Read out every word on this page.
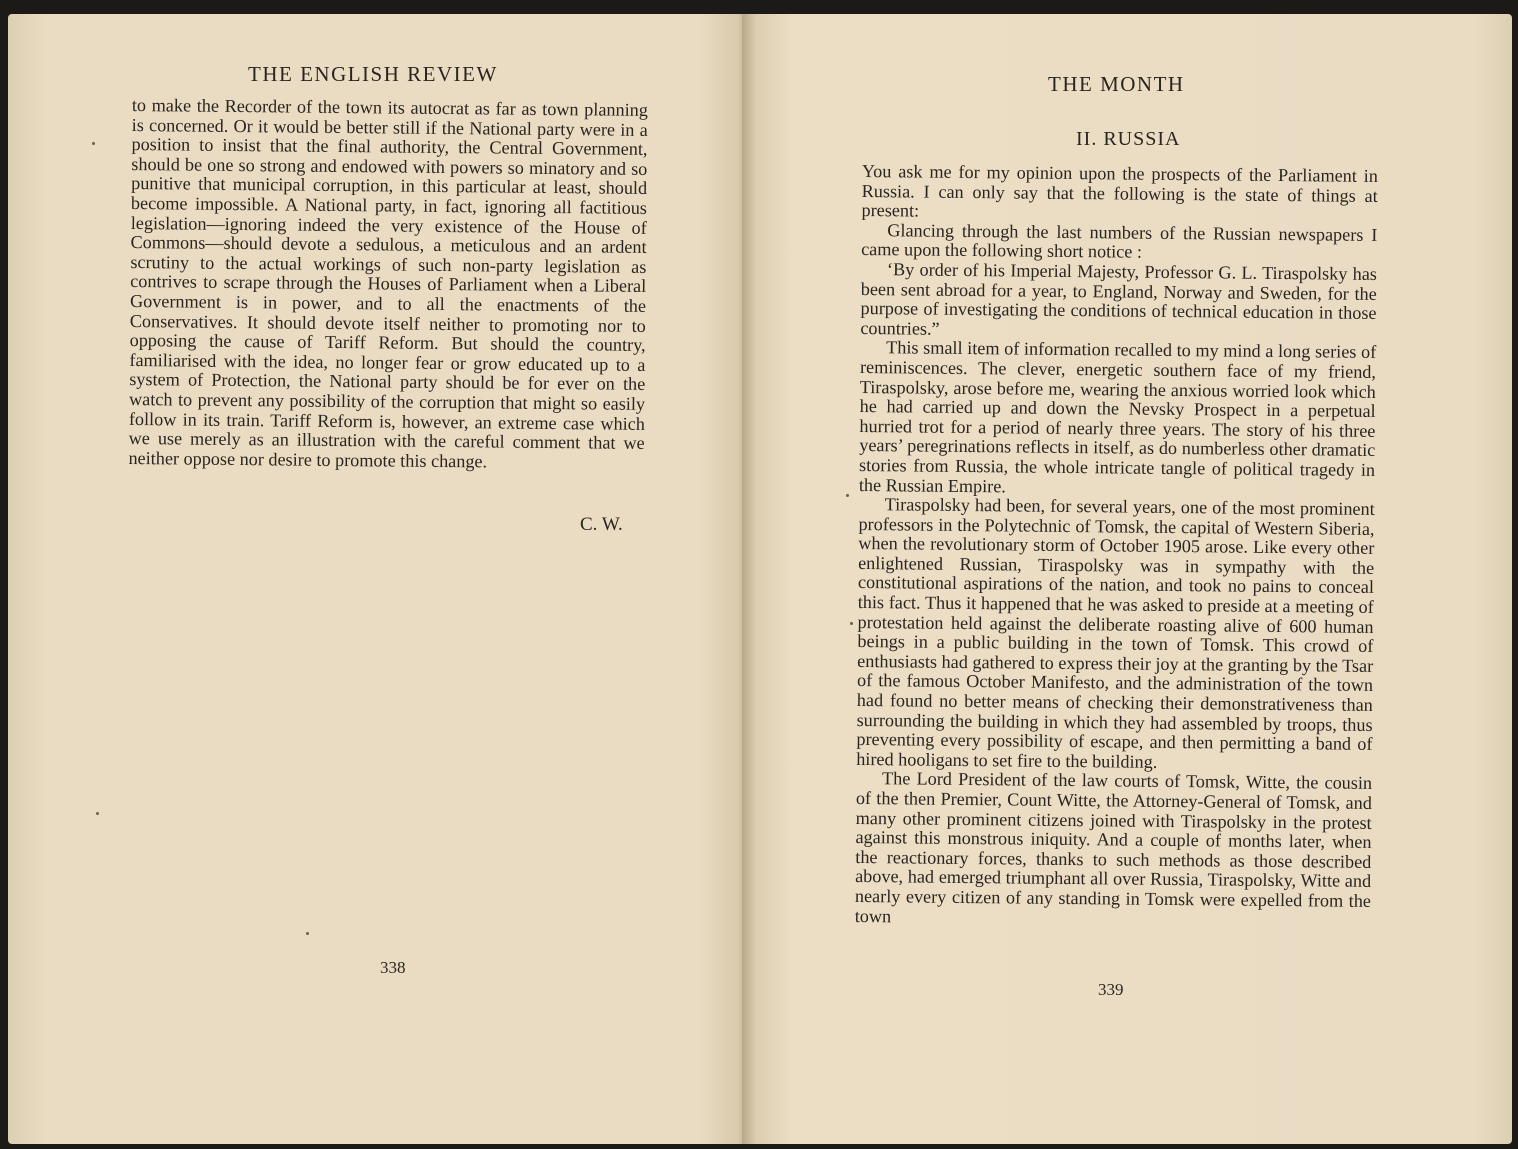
THE ENGLISH REVIEW

to make the Recorder of the town its autocrat as far as town planning is concerned. Or it would be better still if the National party were in a position to insist that the final authority, the Central Government, should be one so strong and endowed with powers so minatory and so punitive that municipal corruption, in this particular at least, should become impossible. A National party, in fact, ignoring all factitious legislation—ignoring indeed the very existence of the House of Commons—should devote a sedulous, a meticulous and an ardent scrutiny to the actual workings of such non-party legislation as contrives to scrape through the Houses of Parliament when a Liberal Government is in power, and to all the enactments of the Conservatives. It should devote itself neither to promoting nor to opposing the cause of Tariff Reform. But should the country, familiarised with the idea, no longer fear or grow educated up to a system of Protection, the National party should be for ever on the watch to prevent any possibility of the corruption that might so easily follow in its train. Tariff Reform is, however, an extreme case which we use merely as an illustration with the careful comment that we neither oppose nor desire to promote this change.

C. W.
338
THE MONTH
II. RUSSIA

You ask me for my opinion upon the prospects of the Parliament in Russia. I can only say that the following is the state of things at present:

Glancing through the last numbers of the Russian newspapers I came upon the following short notice :

‘By order of his Imperial Majesty, Professor G. L. Tiraspolsky has been sent abroad for a year, to England, Norway and Sweden, for the purpose of investigating the conditions of technical education in those countries.”

This small item of information recalled to my mind a long series of reminiscences. The clever, energetic southern face of my friend, Tiraspolsky, arose before me, wearing the anxious worried look which he had carried up and down the Nevsky Prospect in a perpetual hurried trot for a period of nearly three years. The story of his three years’ peregrinations reflects in itself, as do numberless other dramatic stories from Russia, the whole intricate tangle of political tragedy in the Russian Empire.

Tiraspolsky had been, for several years, one of the most prominent professors in the Polytechnic of Tomsk, the capital of Western Siberia, when the revolutionary storm of October 1905 arose. Like every other enlightened Russian, Tiraspolsky was in sympathy with the constitutional aspirations of the nation, and took no pains to conceal this fact. Thus it happened that he was asked to preside at a meeting of protestation held against the deliberate roasting alive of 600 human beings in a public building in the town of Tomsk. This crowd of enthusiasts had gathered to express their joy at the granting by the Tsar of the famous October Manifesto, and the administration of the town had found no better means of checking their demonstrativeness than surrounding the building in which they had assembled by troops, thus preventing every possibility of escape, and then permitting a band of hired hooligans to set fire to the building.

The Lord President of the law courts of Tomsk, Witte, the cousin of the then Premier, Count Witte, the Attorney-General of Tomsk, and many other prominent citizens joined with Tiraspolsky in the protest against this monstrous iniquity. And a couple of months later, when the reactionary forces, thanks to such methods as those described above, had emerged triumphant all over Russia, Tiraspolsky, Witte and nearly every citizen of any standing in Tomsk were expelled from the town

339
